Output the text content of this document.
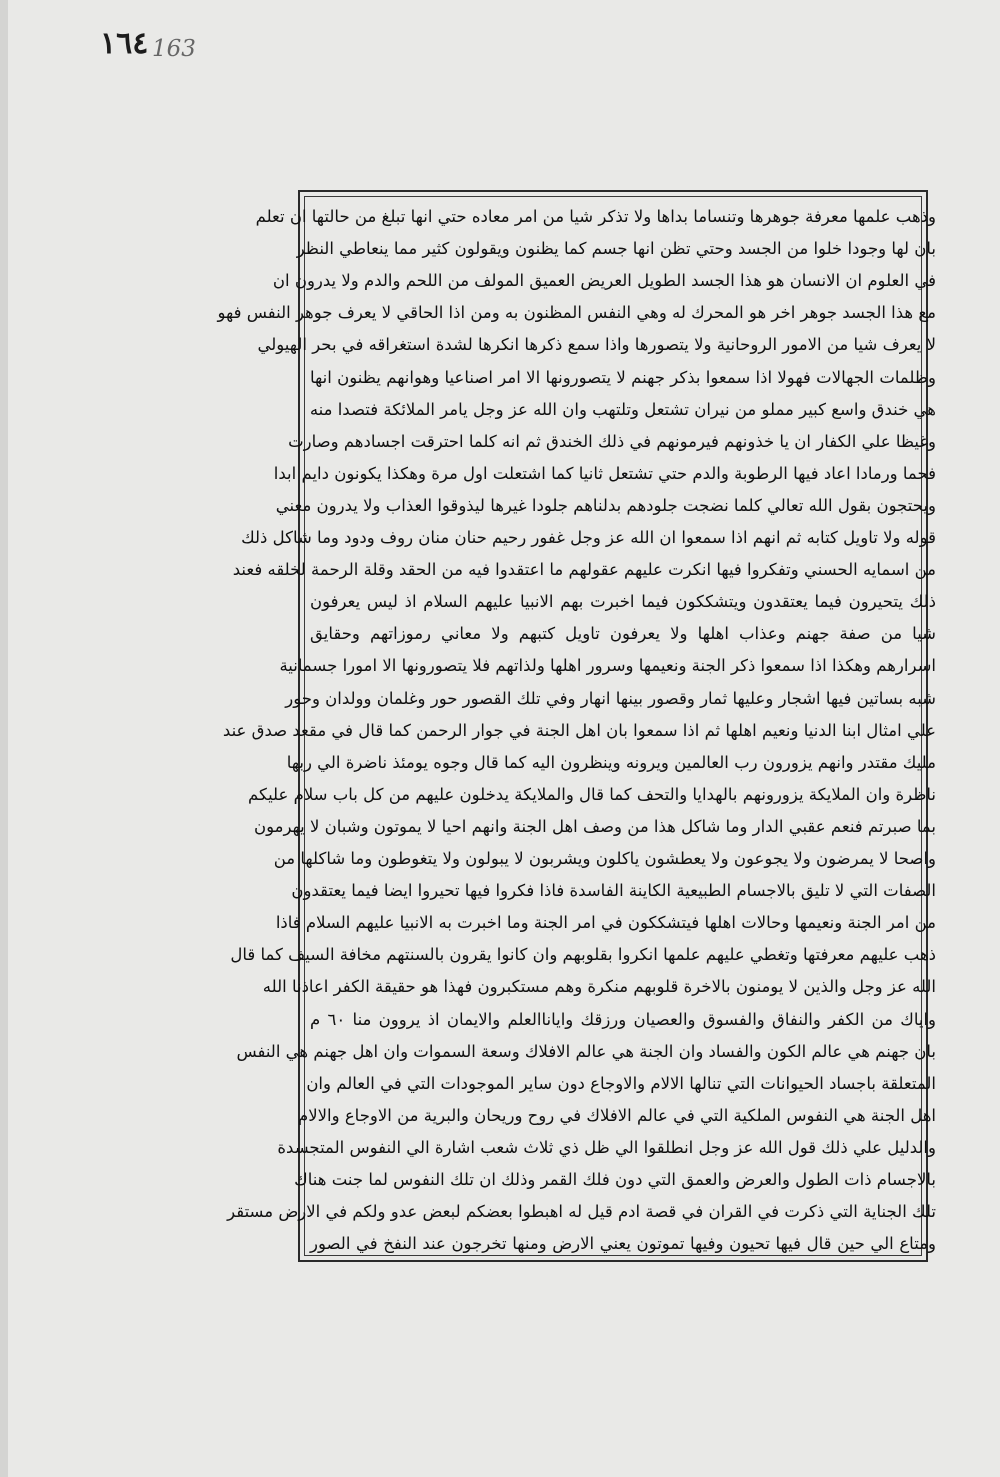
١٦٤ 163
وذهب علمها معرفة جوهرها وتنساما بداها ولا تذكر شيا من امر معاده حتي انها تبلغ من حالتها ان تعلم
بان لها وجودا خلوا من الجسد وحتي تظن انها جسم كما يظنون ويقولون كثير مما ينعاطي النظر
في العلوم ان الانسان هو هذا الجسد الطويل العريض العميق المولف من اللحم والدم ولا يدرون ان
مع هذا الجسد جوهر اخر هو المحرك له وهي النفس المظنون به ومن اذا الحاقي لا يعرف جوهر النفس فهو
لا يعرف شيا من الامور الروحانية ولا يتصورها واذا سمع ذكرها انكرها لشدة استغراقه في بحر الهيولي
وظلمات الجهالات فهولا اذا سمعوا بذكر جهنم لا يتصورونها الا امر اصناعيا وهوانهم يظنون انها
هي خندق واسع كبير مملو من نيران تشتعل وتلتهب وان الله عز وجل يامر الملائكة فتصدا منه
وغيظا علي الكفار ان يا خذونهم فيرمونهم في ذلك الخندق ثم انه كلما احترقت اجسادهم وصارت
فحما ورمادا اعاد فيها الرطوبة والدم حتي تشتعل ثانيا كما اشتعلت اول مرة وهكذا يكونون دايم ابدا
ويحتجون بقول الله تعالي كلما نضجت جلودهم بدلناهم جلودا غيرها ليذوقوا العذاب ولا يدرون معني
قوله ولا تاويل كتابه ثم انهم اذا سمعوا ان الله عز وجل غفور رحيم حنان منان روف ودود وما شاكل ذلك
من اسمايه الحسني وتفكروا فيها انكرت عليهم عقولهم ما اعتقدوا فيه من الحقد وقلة الرحمة لخلقه فعند
ذلك يتحيرون فيما يعتقدون ويتشككون فيما اخبرت بهم الانبيا عليهم السلام اذ ليس يعرفون
شيا من صفة جهنم وعذاب اهلها ولا يعرفون تاويل كتبهم ولا معاني رموزاتهم وحقايق
اسرارهم وهكذا اذا سمعوا ذكر الجنة ونعيمها وسرور اهلها ولذاتهم فلا يتصورونها الا امورا جسمانية
شبه بساتين فيها اشجار وعليها ثمار وقصور بينها انهار وفي تلك القصور حور وغلمان وولدان وحور
علي امثال ابنا الدنيا ونعيم اهلها ثم اذا سمعوا بان اهل الجنة في جوار الرحمن كما قال في مقعد صدق عند
مليك مقتدر وانهم يزورون رب العالمين ويرونه وينظرون اليه كما قال وجوه يومئذ ناضرة الي ربها
ناظرة وان الملايكة يزورونهم بالهدايا والتحف كما قال والملايكة يدخلون عليهم من كل باب سلام عليكم
بما صبرتم فنعم عقبي الدار وما شاكل هذا من وصف اهل الجنة وانهم احيا لا يموتون وشبان لا يهرمون
واصحا لا يمرضون ولا يجوعون ولا يعطشون ياكلون ويشربون لا يبولون ولا يتغوطون وما شاكلها من
الصفات التي لا تليق بالاجسام الطبيعية الكاينة الفاسدة فاذا فكروا فيها تحيروا ايضا فيما يعتقدون
من امر الجنة ونعيمها وحالات اهلها فيتشككون في امر الجنة وما اخبرت به الانبيا عليهم السلام فاذا
ذهب عليهم معرفتها وتغطي عليهم علمها انكروا بقلوبهم وان كانوا يقرون بالسنتهم مخافة السيف كما قال
الله عز وجل والذين لا يومنون بالاخرة قلوبهم منكرة وهم مستكبرون فهذا هو حقيقة الكفر اعاذنا الله
واياك من الكفر والنفاق والفسوق والعصيان ورزقك واياناالعلم والايمان اذ يروون منا ٦٠ م
بان جهنم هي عالم الكون والفساد وان الجنة هي عالم الافلاك وسعة السموات وان اهل جهنم هي النفس
المتعلقة باجساد الحيوانات التي تنالها الالام والاوجاع دون ساير الموجودات التي في العالم وان
اهل الجنة هي النفوس الملكية التي في عالم الافلاك في روح وريحان والبرية من الاوجاع والالام
والدليل علي ذلك قول الله عز وجل انطلقوا الي ظل ذي ثلاث شعب اشارة الي النفوس المتجسدة
بالاجسام ذات الطول والعرض والعمق التي دون فلك القمر وذلك ان تلك النفوس لما جنت هناك
تلك الجناية التي ذكرت في القران في قصة ادم قيل له اهبطوا بعضكم لبعض عدو ولكم في الارض مستقر
ومتاع الي حين قال فيها تحيون وفيها تموتون يعني الارض ومنها تخرجون عند النفخ في الصور
